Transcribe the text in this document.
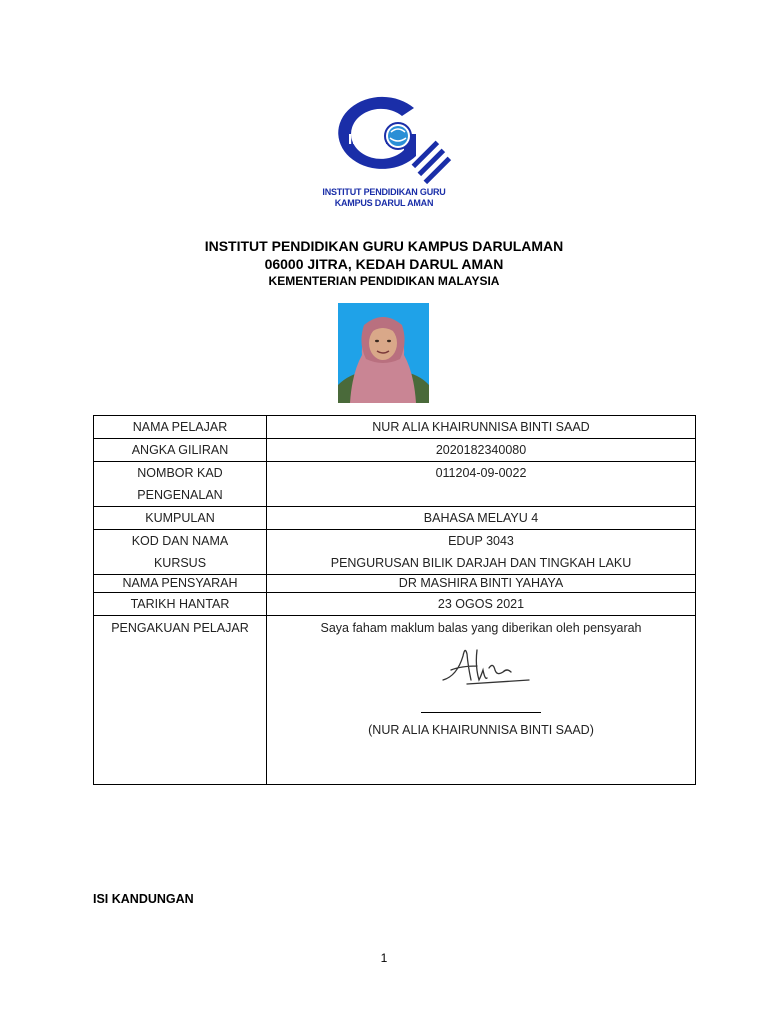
IPG
INSTITUT PENDIDIKAN GURU
KAMPUS DARUL AMAN
INSTITUT PENDIDIKAN GURU KAMPUS DARULAMAN
06000 JITRA, KEDAH DARUL AMAN
KEMENTERIAN PENDIDIKAN MALAYSIA
NAMA PELAJAR	NUR ALIA KHAIRUNNISA BINTI SAAD
ANGKA GILIRAN	2020182340080
NOMBOR KAD PENGENALAN	011204-09-0022
KUMPULAN	BAHASA MELAYU 4
KOD DAN NAMA KURSUS	EDUP 3043
PENGURUSAN BILIK DARJAH DAN TINGKAH LAKU

NAMA PENSYARAH	DR MASHIRA BINTI YAHAYA
TARIKH HANTAR	23 OGOS 2021
PENGAKUAN PELAJAR	Saya faham maklum balas yang diberikan oleh pensyarah
(NUR ALIA KHAIRUNNISA BINTI SAAD)
ISI KANDUNGAN
1
